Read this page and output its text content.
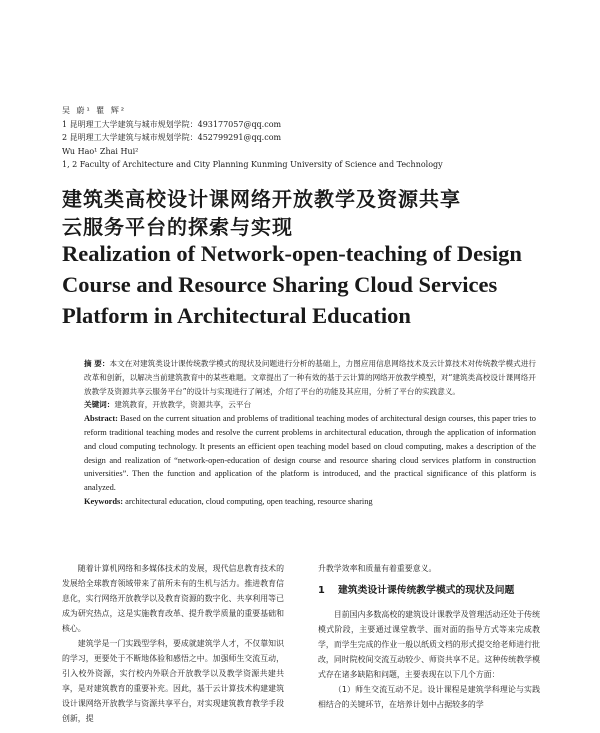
吴 蔚¹ 瞿 辉²
1 昆明理工大学建筑与城市规划学院：493177057@qq.com
2 昆明理工大学建筑与城市规划学院：452799291@qq.com
Wu Hao¹ Zhai Hui²
1, 2 Faculty of Architecture and City Planning Kunming University of Science and Technology
建筑类高校设计课网络开放教学及资源共享
云服务平台的探索与实现
Realization of Network-open-teaching of Design
Course and Resource Sharing Cloud Services
Platform in Architectural Education
摘 要：本文在对建筑类设计课传统教学模式的现状及问题进行分析的基础上，力图应用信息网络技术及云计算技术对传统教学模式进行改革和创新，以解决当前建筑教育中的某些难题。文章提出了一种有效的基于云计算的网络开放教学模型，对“建筑类高校设计课网络开放教学及资源共享云服务平台”的设计与实现进行了阐述，介绍了平台的功能及其应用，分析了平台的实践意义。
关键词：建筑教育，开放教学，资源共享，云平台
Abstract: Based on the current situation and problems of traditional teaching modes of architectural design courses, this paper tries to reform traditional teaching modes and resolve the current problems in architectural education, through the application of information and cloud computing technology. It presents an efficient open teaching model based on cloud computing, makes a description of the design and realization of “network-open-education of design course and resource sharing cloud services platform in construction universities”. Then the function and application of the platform is introduced, and the practical significance of this platform is analyzed.
Keywords: architectural education, cloud computing, open teaching, resource sharing

随着计算机网络和多媒体技术的发展，现代信息教育技术的发展给全球教育领域带来了前所未有的生机与活力。推进教育信息化，实行网络开放教学以及教育资源的数字化、共享利用等已成为研究热点，这是实施教育改革、提升教学质量的重要基础和核心。

建筑学是一门实践型学科，要成就建筑学人才，不仅靠知识的学习，更要处于不断地体验和感悟之中。加强师生交流互动，引入校外资源，实行校内外联合开放教学以及教学资源共建共享，是对建筑教育的重要补充。因此，基于云计算技术构建建筑设计课网络开放教学与资源共享平台，对实现建筑教育教学手段创新，提

升教学效率和质量有着重要意义。

1 建筑类设计课传统教学模式的现状及问题

目前国内多数高校的建筑设计课教学及管理活动还处于传统模式阶段，主要通过课堂教学、面对面的指导方式等来完成教学，而学生完成的作业一般以纸质文档的形式提交给老师进行批改，同时院校间交流互动较少、师资共享不足。这种传统教学模式存在诸多缺陷和问题，主要表现在以下几个方面：

（1）师生交流互动不足。设计课程是建筑学科理论与实践相结合的关键环节，在培养计划中占据较多的学
